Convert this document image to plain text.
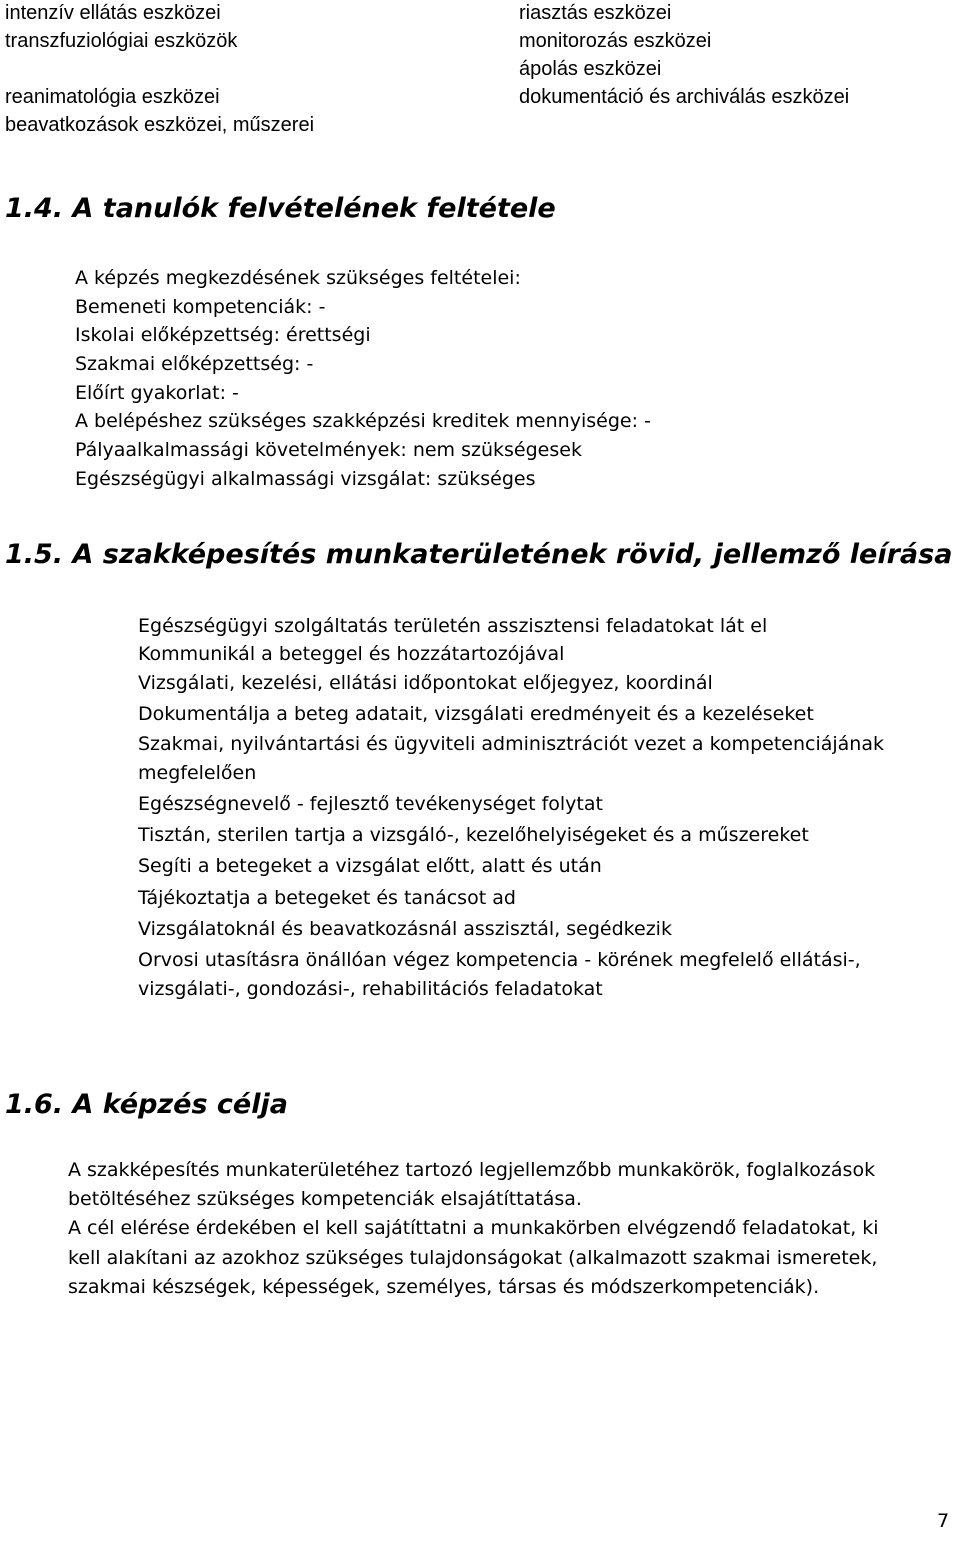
intenzív ellátás eszközei
transzfuziológiai eszközök
reanimatológia eszközei
beavatkozások eszközei, műszerei
riasztás eszközei
monitorozás eszközei
ápolás eszközei
dokumentáció és archiválás eszközei
1.4. A tanulók felvételének feltétele
A képzés megkezdésének szükséges feltételei:
Bemeneti kompetenciák: -
Iskolai előképzettség: érettségi
Szakmai előképzettség: -
Előírt gyakorlat: -
A belépéshez szükséges szakképzési kreditek mennyisége: -
Pályaalkalmassági követelmények: nem szükségesek
Egészségügyi alkalmassági vizsgálat: szükséges
1.5. A szakképesítés munkaterületének rövid, jellemző leírása
Egészségügyi szolgáltatás területén asszisztensi feladatokat lát el
Kommunikál a beteggel és hozzátartozójával
Vizsgálati, kezelési, ellátási időpontokat előjegyez, koordinál
Dokumentálja a beteg adatait, vizsgálati eredményeit és a kezeléseket
Szakmai, nyilvántartási és ügyviteli adminisztrációt vezet a kompetenciájának megfelelően
Egészségnevelő - fejlesztő tevékenységet folytat
Tisztán, sterilen tartja a vizsgáló-, kezelőhelyiségeket és a műszereket
Segíti a betegeket a vizsgálat előtt, alatt és után
Tájékoztatja a betegeket és tanácsot ad
Vizsgálatoknál és beavatkozásnál asszisztál, segédkezik
Orvosi utasításra önállóan végez kompetencia - körének megfelelő ellátási-, vizsgálati-, gondozási-, rehabilitációs feladatokat
1.6. A képzés célja
A szakképesítés munkaterületéhez tartozó legjellemzőbb munkakörök, foglalkozások
betöltéséhez szükséges kompetenciák elsajátíttatása.
A cél elérése érdekében el kell sajátíttatni a munkakörben elvégzendő feladatokat, ki
kell alakítani az azokhoz szükséges tulajdonságokat (alkalmazott szakmai ismeretek,
szakmai készségek, képességek, személyes, társas és módszerkompetenciák).
7
